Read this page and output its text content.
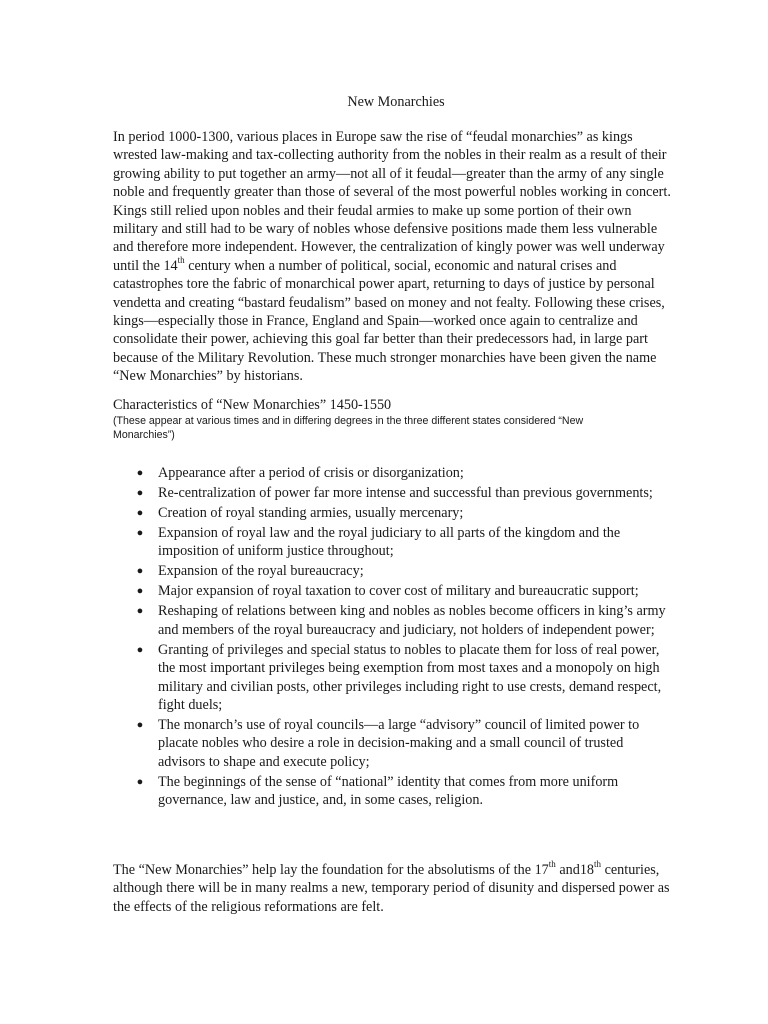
New Monarchies

In period 1000-1300, various places in Europe saw the rise of “feudal monarchies” as kings wrested law-making and tax-collecting authority from the nobles in their realm as a result of their growing ability to put together an army—not all of it feudal—greater than the army of any single noble and frequently greater than those of several of the most powerful nobles working in concert. Kings still relied upon nobles and their feudal armies to make up some portion of their own military and still had to be wary of nobles whose defensive positions made them less vulnerable and therefore more independent. However, the centralization of kingly power was well underway until the 14th century when a number of political, social, economic and natural crises and catastrophes tore the fabric of monarchical power apart, returning to days of justice by personal vendetta and creating “bastard feudalism” based on money and not fealty. Following these crises, kings—especially those in France, England and Spain—worked once again to centralize and consolidate their power, achieving this goal far better than their predecessors had, in large part because of the Military Revolution. These much stronger monarchies have been given the name “New Monarchies” by historians.

Characteristics of “New Monarchies” 1450-1550

(These appear at various times and in differing degrees in the three different states considered “New Monarchies”)

● Appearance after a period of crisis or disorganization;
● Re-centralization of power far more intense and successful than previous governments;
● Creation of royal standing armies, usually mercenary;
● Expansion of royal law and the royal judiciary to all parts of the kingdom and the imposition of uniform justice throughout;
● Expansion of the royal bureaucracy;
● Major expansion of royal taxation to cover cost of military and bureaucratic support;
● Reshaping of relations between king and nobles as nobles become officers in king’s army and members of the royal bureaucracy and judiciary, not holders of independent power;
● Granting of privileges and special status to nobles to placate them for loss of real power, the most important privileges being exemption from most taxes and a monopoly on high military and civilian posts, other privileges including right to use crests, demand respect, fight duels;
● The monarch’s use of royal councils—a large “advisory” council of limited power to placate nobles who desire a role in decision-making and a small council of trusted advisors to shape and execute policy;
● The beginnings of the sense of “national” identity that comes from more uniform governance, law and justice, and, in some cases, religion.

The “New Monarchies” help lay the foundation for the absolutisms of the 17th and18th centuries, although there will be in many realms a new, temporary period of disunity and dispersed power as the effects of the religious reformations are felt.
